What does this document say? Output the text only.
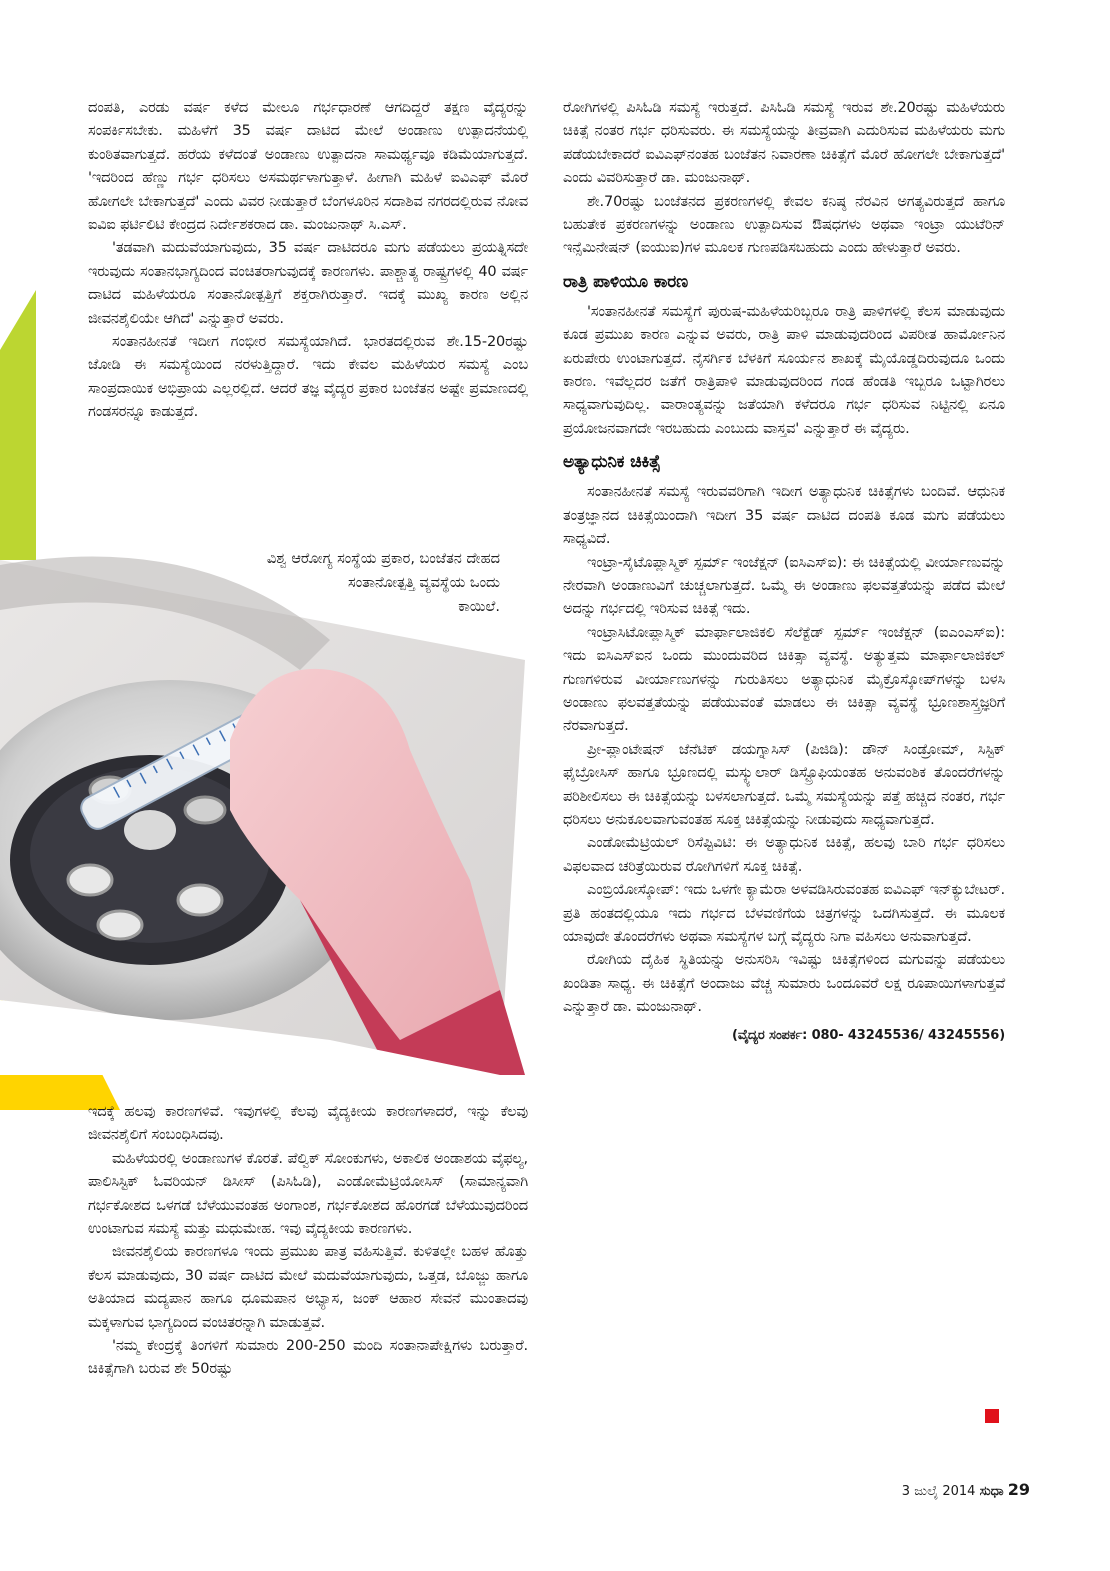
ದಂಪತಿ, ಎರಡು ವರ್ಷ ಕಳೆದ ಮೇಲೂ ಗರ್ಭಧಾರಣೆ ಆಗದಿದ್ದರೆ ತಕ್ಷಣ ವೈದ್ಯರನ್ನು ಸಂಪರ್ಕಿಸಬೇಕು. ಮಹಿಳೆಗೆ 35 ವರ್ಷ ದಾಟಿದ ಮೇಲೆ ಅಂಡಾಣು ಉತ್ಪಾದನೆಯಲ್ಲಿ ಕುಂಠಿತವಾಗುತ್ತದೆ. ಹರೆಯ ಕಳೆದಂತೆ ಅಂಡಾಣು ಉತ್ಪಾದನಾ ಸಾಮರ್ಥ್ಯವೂ ಕಡಿಮೆಯಾಗುತ್ತದೆ. 'ಇದರಿಂದ ಹೆಣ್ಣು ಗರ್ಭ ಧರಿಸಲು ಅಸಮರ್ಥಳಾಗುತ್ತಾಳೆ. ಹೀಗಾಗಿ ಮಹಿಳೆ ಐವಿಎಫ್ ಮೊರೆ ಹೋಗಲೇ ಬೇಕಾಗುತ್ತದೆ' ಎಂದು ವಿವರ ನೀಡುತ್ತಾರೆ ಬೆಂಗಳೂರಿನ ಸದಾಶಿವ ನಗರದಲ್ಲಿರುವ ನೋವ ಐವಿಐ ಫರ್ಟಿಲಿಟಿ ಕೇಂದ್ರದ ನಿರ್ದೇಶಕರಾದ ಡಾ. ಮಂಜುನಾಥ್ ಸಿ.ಎಸ್.

'ತಡವಾಗಿ ಮದುವೆಯಾಗುವುದು, 35 ವರ್ಷ ದಾಟಿದರೂ ಮಗು ಪಡೆಯಲು ಪ್ರಯತ್ನಿಸದೇ ಇರುವುದು ಸಂತಾನಭಾಗ್ಯದಿಂದ ವಂಚಿತರಾಗುವುದಕ್ಕೆ ಕಾರಣಗಳು. ಪಾಶ್ಚಾತ್ಯ ರಾಷ್ಟ್ರಗಳಲ್ಲಿ 40 ವರ್ಷ ದಾಟಿದ ಮಹಿಳೆಯರೂ ಸಂತಾನೋತ್ಪತ್ತಿಗೆ ಶಕ್ತರಾಗಿರುತ್ತಾರೆ. ಇದಕ್ಕೆ ಮುಖ್ಯ ಕಾರಣ ಅಲ್ಲಿನ ಜೀವನಶೈಲಿಯೇ ಆಗಿದೆ' ಎನ್ನುತ್ತಾರೆ ಅವರು.

ಸಂತಾನಹೀನತೆ ಇದೀಗ ಗಂಭೀರ ಸಮಸ್ಯೆಯಾಗಿದೆ. ಭಾರತದಲ್ಲಿರುವ ಶೇ.15-20ರಷ್ಟು ಜೋಡಿ ಈ ಸಮಸ್ಯೆಯಿಂದ ನರಳುತ್ತಿದ್ದಾರೆ. ಇದು ಕೇವಲ ಮಹಿಳೆಯರ ಸಮಸ್ಯೆ ಎಂಬ ಸಾಂಪ್ರದಾಯಿಕ ಅಭಿಪ್ರಾಯ ಎಲ್ಲರಲ್ಲಿದೆ. ಆದರೆ ತಜ್ಞ ವೈದ್ಯರ ಪ್ರಕಾರ ಬಂಜೆತನ ಅಷ್ಟೇ ಪ್ರಮಾಣದಲ್ಲಿ ಗಂಡಸರನ್ನೂ ಕಾಡುತ್ತದೆ.

ವಿಶ್ವ ಆರೋಗ್ಯ ಸಂಸ್ಥೆಯ ಪ್ರಕಾರ, ಬಂಜೆತನ ದೇಹದ
ಸಂತಾನೋತ್ಪತ್ತಿ ವ್ಯವಸ್ಥೆಯ ಒಂದು
ಕಾಯಿಲೆ.

ಇದಕ್ಕೆ ಹಲವು ಕಾರಣಗಳಿವೆ. ಇವುಗಳಲ್ಲಿ ಕೆಲವು ವೈದ್ಯಕೀಯ ಕಾರಣಗಳಾದರೆ, ಇನ್ನು ಕೆಲವು ಜೀವನಶೈಲಿಗೆ ಸಂಬಂಧಿಸಿದವು.

ಮಹಿಳೆಯರಲ್ಲಿ ಅಂಡಾಣುಗಳ ಕೊರತೆ. ಪೆಲ್ವಿಕ್ ಸೋಂಕುಗಳು, ಅಕಾಲಿಕ ಅಂಡಾಶಯ ವೈಫಲ್ಯ, ಪಾಲಿಸಿಸ್ಟಿಕ್ ಓವರಿಯನ್ ಡಿಸೀಸ್ (ಪಿಸಿಓಡಿ), ಎಂಡೋಮೆಟ್ರಿಯೋಸಿಸ್ (ಸಾಮಾನ್ಯವಾಗಿ ಗರ್ಭಕೋಶದ ಒಳಗಡೆ ಬೆಳೆಯುವಂತಹ ಅಂಗಾಂಶ, ಗರ್ಭಕೋಶದ ಹೊರಗಡೆ ಬೆಳೆಯುವುದರಿಂದ ಉಂಟಾಗುವ ಸಮಸ್ಯೆ ಮತ್ತು ಮಧುಮೇಹ. ಇವು ವೈದ್ಯಕೀಯ ಕಾರಣಗಳು.

ಜೀವನಶೈಲಿಯ ಕಾರಣಗಳೂ ಇಂದು ಪ್ರಮುಖ ಪಾತ್ರ ವಹಿಸುತ್ತಿವೆ. ಕುಳಿತಲ್ಲೇ ಬಹಳ ಹೊತ್ತು ಕೆಲಸ ಮಾಡುವುದು, 30 ವರ್ಷ ದಾಟಿದ ಮೇಲೆ ಮದುವೆಯಾಗುವುದು, ಒತ್ತಡ, ಬೊಜ್ಜು ಹಾಗೂ ಅತಿಯಾದ ಮದ್ಯಪಾನ ಹಾಗೂ ಧೂಮಪಾನ ಅಭ್ಯಾಸ, ಜಂಕ್ ಆಹಾರ ಸೇವನೆ ಮುಂತಾದವು ಮಕ್ಕಳಾಗುವ ಭಾಗ್ಯದಿಂದ ವಂಚಿತರನ್ನಾಗಿ ಮಾಡುತ್ತವೆ.

'ನಮ್ಮ ಕೇಂದ್ರಕ್ಕೆ ತಿಂಗಳಿಗೆ ಸುಮಾರು 200-250 ಮಂದಿ ಸಂತಾನಾಪೇಕ್ಷಿಗಳು ಬರುತ್ತಾರೆ. ಚಿಕಿತ್ಸೆಗಾಗಿ ಬರುವ ಶೇ 50ರಷ್ಟು

ರೋಗಿಗಳಲ್ಲಿ ಪಿಸಿಓಡಿ ಸಮಸ್ಯೆ ಇರುತ್ತದೆ. ಪಿಸಿಓಡಿ ಸಮಸ್ಯೆ ಇರುವ ಶೇ.20ರಷ್ಟು ಮಹಿಳೆಯರು ಚಿಕಿತ್ಸೆ ನಂತರ ಗರ್ಭ ಧರಿಸುವರು. ಈ ಸಮಸ್ಯೆಯನ್ನು ತೀವ್ರವಾಗಿ ಎದುರಿಸುವ ಮಹಿಳೆಯರು ಮಗು ಪಡೆಯಬೇಕಾದರೆ ಐವಿಎಫ್‌ನಂತಹ ಬಂಜೆತನ ನಿವಾರಣಾ ಚಿಕಿತ್ಸೆಗೆ ಮೊರೆ ಹೋಗಲೇ ಬೇಕಾಗುತ್ತದೆ' ಎಂದು ವಿವರಿಸುತ್ತಾರೆ ಡಾ. ಮಂಜುನಾಥ್.

ಶೇ.70ರಷ್ಟು ಬಂಜೆತನದ ಪ್ರಕರಣಗಳಲ್ಲಿ ಕೇವಲ ಕನಿಷ್ಠ ನೆರವಿನ ಅಗತ್ಯವಿರುತ್ತದೆ ಹಾಗೂ ಬಹುತೇಕ ಪ್ರಕರಣಗಳನ್ನು ಅಂಡಾಣು ಉತ್ಪಾದಿಸುವ ಔಷಧಗಳು ಅಥವಾ ಇಂಟ್ರಾ ಯುಟೆರಿನ್ ಇನ್ಸೆಮಿನೇಷನ್ (ಐಯುಐ)ಗಳ ಮೂಲಕ ಗುಣಪಡಿಸಬಹುದು ಎಂದು ಹೇಳುತ್ತಾರೆ ಅವರು.

ರಾತ್ರಿ ಪಾಳಿಯೂ ಕಾರಣ

'ಸಂತಾನಹೀನತೆ ಸಮಸ್ಯೆಗೆ ಪುರುಷ-ಮಹಿಳೆಯರಿಬ್ಬರೂ ರಾತ್ರಿ ಪಾಳಿಗಳಲ್ಲಿ ಕೆಲಸ ಮಾಡುವುದು ಕೂಡ ಪ್ರಮುಖ ಕಾರಣ ಎನ್ನುವ ಅವರು, ರಾತ್ರಿ ಪಾಳಿ ಮಾಡುವುದರಿಂದ ವಿಪರೀತ ಹಾರ್ಮೋನಿನ ಏರುಪೇರು ಉಂಟಾಗುತ್ತದೆ. ನೈಸರ್ಗಿಕ ಬೆಳಕಿಗೆ ಸೂರ್ಯನ ಶಾಖಕ್ಕೆ ಮೈಯೊಡ್ಡದಿರುವುದೂ ಒಂದು ಕಾರಣ. ಇವೆಲ್ಲದರ ಜತೆಗೆ ರಾತ್ರಿಪಾಳಿ ಮಾಡುವುದರಿಂದ ಗಂಡ ಹೆಂಡತಿ ಇಬ್ಬರೂ ಒಟ್ಟಾಗಿರಲು ಸಾಧ್ಯವಾಗುವುದಿಲ್ಲ. ವಾರಾಂತ್ಯವನ್ನು ಜತೆಯಾಗಿ ಕಳೆದರೂ ಗರ್ಭ ಧರಿಸುವ ನಿಟ್ಟಿನಲ್ಲಿ ಏನೂ ಪ್ರಯೋಜನವಾಗದೇ ಇರಬಹುದು ಎಂಬುದು ವಾಸ್ತವ' ಎನ್ನುತ್ತಾರೆ ಈ ವೈದ್ಯರು.

ಅತ್ಯಾಧುನಿಕ ಚಿಕಿತ್ಸೆ

ಸಂತಾನಹೀನತೆ ಸಮಸ್ಯೆ ಇರುವವರಿಗಾಗಿ ಇದೀಗ ಅತ್ಯಾಧುನಿಕ ಚಿಕಿತ್ಸೆಗಳು ಬಂದಿವೆ. ಆಧುನಿಕ ತಂತ್ರಜ್ಞಾನದ ಚಿಕಿತ್ಸೆಯಿಂದಾಗಿ ಇದೀಗ 35 ವರ್ಷ ದಾಟಿದ ದಂಪತಿ ಕೂಡ ಮಗು ಪಡೆಯಲು ಸಾಧ್ಯವಿದೆ.

ಇಂಟ್ರಾ-ಸೈಟೊಪ್ಲಾಸ್ಮಿಕ್ ಸ್ಪರ್ಮ್ ಇಂಜೆಕ್ಷನ್ (ಐಸಿಎಸ್‌ಐ): ಈ ಚಿಕಿತ್ಸೆಯಲ್ಲಿ ವೀರ್ಯಾಣುವನ್ನು ನೇರವಾಗಿ ಅಂಡಾಣುವಿಗೆ ಚುಚ್ಚಲಾಗುತ್ತದೆ. ಒಮ್ಮೆ ಈ ಅಂಡಾಣು ಫಲವತ್ತತೆಯನ್ನು ಪಡೆದ ಮೇಲೆ ಅದನ್ನು ಗರ್ಭದಲ್ಲಿ ಇರಿಸುವ ಚಿಕಿತ್ಸೆ ಇದು.

ಇಂಟ್ರಾಸಿಟೋಪ್ಲಾಸ್ಮಿಕ್ ಮಾರ್ಫಾಲಾಜಿಕಲಿ ಸೆಲೆಕ್ಟೆಡ್ ಸ್ಪರ್ಮ್ ಇಂಜೆಕ್ಷನ್ (ಐಎಂಎಸ್‌ಐ): ಇದು ಐಸಿಎಸ್‌ಐನ ಒಂದು ಮುಂದುವರಿದ ಚಿಕಿತ್ಸಾ ವ್ಯವಸ್ಥೆ. ಅತ್ಯುತ್ತಮ ಮಾರ್ಫಾಲಾಜಿಕಲ್ ಗುಣಗಳಿರುವ ವೀರ್ಯಾಣುಗಳನ್ನು ಗುರುತಿಸಲು ಅತ್ಯಾಧುನಿಕ ಮೈಕ್ರೊಸ್ಕೋಪ್‌ಗಳನ್ನು ಬಳಸಿ ಅಂಡಾಣು ಫಲವತ್ತತೆಯನ್ನು ಪಡೆಯುವಂತೆ ಮಾಡಲು ಈ ಚಿಕಿತ್ಸಾ ವ್ಯವಸ್ಥೆ ಭ್ರೂಣಶಾಸ್ತ್ರಜ್ಞರಿಗೆ ನೆರವಾಗುತ್ತದೆ.

ಪ್ರೀ-ಪ್ಲಾಂಟೇಷನ್ ಜೆನೆಟಿಕ್ ಡಯಗ್ನಾಸಿಸ್ (ಪಿಜಿಡಿ): ಡೌನ್ ಸಿಂಡ್ರೋಮ್, ಸಿಸ್ಟಿಕ್ ಫೈಬ್ರೋಸಿಸ್ ಹಾಗೂ ಭ್ರೂಣದಲ್ಲಿ ಮಸ್ಕ್ಯುಲಾರ್ ಡಿಸ್ಟ್ರೊಫಿಯಂತಹ ಅನುವಂಶಿಕ ತೊಂದರೆಗಳನ್ನು ಪರಿಶೀಲಿಸಲು ಈ ಚಿಕಿತ್ಸೆಯನ್ನು ಬಳಸಲಾಗುತ್ತದೆ. ಒಮ್ಮೆ ಸಮಸ್ಯೆಯನ್ನು ಪತ್ತೆ ಹಚ್ಚಿದ ನಂತರ, ಗರ್ಭ ಧರಿಸಲು ಅನುಕೂಲವಾಗುವಂತಹ ಸೂಕ್ತ ಚಿಕಿತ್ಸೆಯನ್ನು ನೀಡುವುದು ಸಾಧ್ಯವಾಗುತ್ತದೆ.

ಎಂಡೋಮೆಟ್ರಿಯಲ್ ರಿಸೆಪ್ಟಿವಿಟಿ: ಈ ಅತ್ಯಾಧುನಿಕ ಚಿಕಿತ್ಸೆ, ಹಲವು ಬಾರಿ ಗರ್ಭ ಧರಿಸಲು ವಿಫಲವಾದ ಚರಿತ್ರೆಯಿರುವ ರೋಗಿಗಳಿಗೆ ಸೂಕ್ತ ಚಿಕಿತ್ಸೆ.

ಎಂಬ್ರಿಯೋಸ್ಕೋಪ್: ಇದು ಒಳಗೇ ಕ್ಯಾಮೆರಾ ಅಳವಡಿಸಿರುವಂತಹ ಐವಿಎಫ್ ಇನ್‌ಕ್ಯುಬೇಟರ್. ಪ್ರತಿ ಹಂತದಲ್ಲಿಯೂ ಇದು ಗರ್ಭದ ಬೆಳವಣಿಗೆಯ ಚಿತ್ರಗಳನ್ನು ಒದಗಿಸುತ್ತದೆ. ಈ ಮೂಲಕ ಯಾವುದೇ ತೊಂದರೆಗಳು ಅಥವಾ ಸಮಸ್ಯೆಗಳ ಬಗ್ಗೆ ವೈದ್ಯರು ನಿಗಾ ವಹಿಸಲು ಅನುವಾಗುತ್ತದೆ.

ರೋಗಿಯ ದೈಹಿಕ ಸ್ಥಿತಿಯನ್ನು ಅನುಸರಿಸಿ ಇವಿಷ್ಟು ಚಿಕಿತ್ಸೆಗಳಿಂದ ಮಗುವನ್ನು ಪಡೆಯಲು ಖಂಡಿತಾ ಸಾಧ್ಯ. ಈ ಚಿಕಿತ್ಸೆಗೆ ಅಂದಾಜು ವೆಚ್ಚ ಸುಮಾರು ಒಂದೂವರೆ ಲಕ್ಷ ರೂಪಾಯಿಗಳಾಗುತ್ತವೆ ಎನ್ನುತ್ತಾರೆ ಡಾ. ಮಂಜುನಾಥ್.

(ವೈದ್ಯರ ಸಂಪರ್ಕ: 080- 43245536/ 43245556)

3 ಜುಲೈ 2014 ಸುಧಾ 29
